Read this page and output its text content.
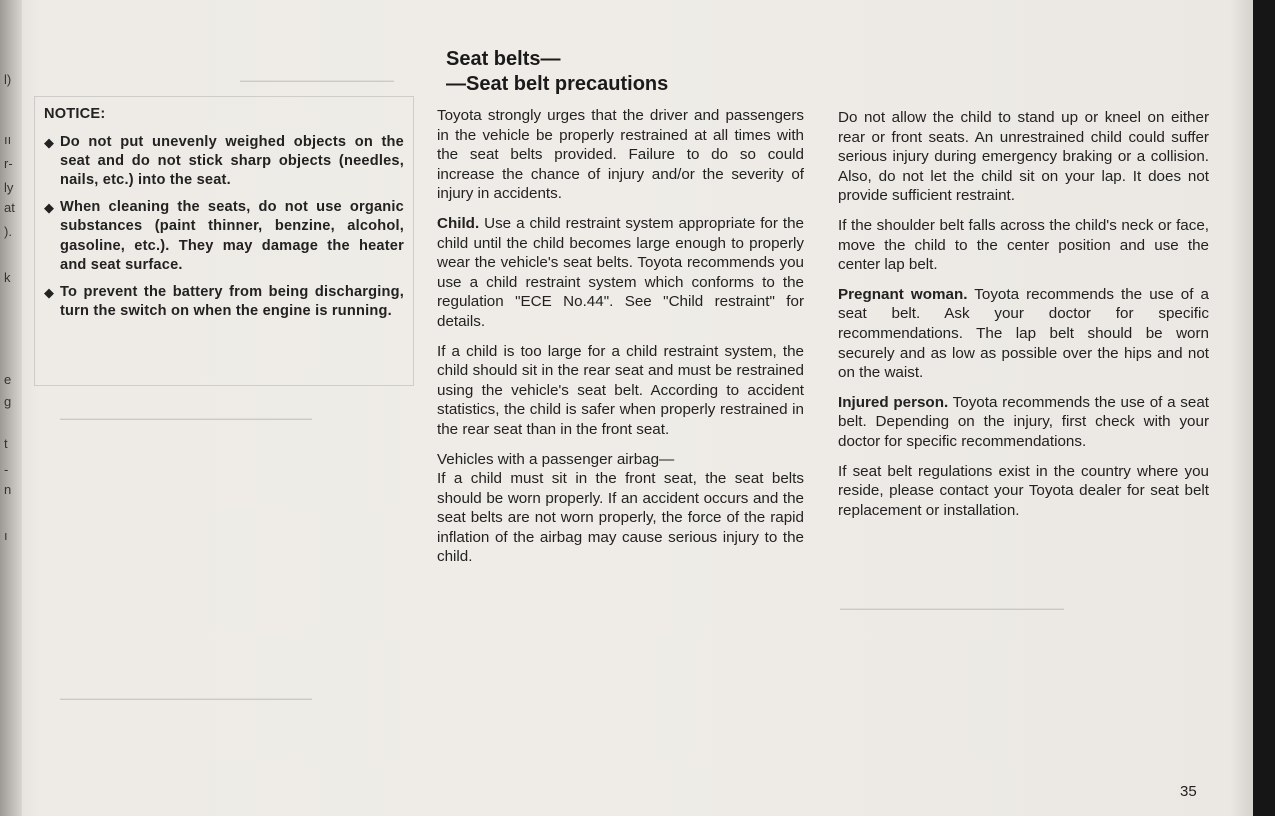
l)
ıı
r-
ly
at
).
k
e
g
t
-
n
ı
———————————
——————————————————
——————————————————
————————————————
NOTICE:
◆ Do not put unevenly weighed objects on the seat and do not stick sharp objects (needles, nails, etc.) into the seat.
◆ When cleaning the seats, do not use organic substances (paint thinner, benzine, alcohol, gasoline, etc.). They may damage the heater and seat surface.
◆ To prevent the battery from being discharging, turn the switch on when the engine is running.
Seat belts—
—Seat belt precautions

Toyota strongly urges that the driver and passengers in the vehicle be properly restrained at all times with the seat belts provided. Failure to do so could increase the chance of injury and/or the severity of injury in accidents.

Child. Use a child restraint system appropriate for the child until the child becomes large enough to properly wear the vehicle's seat belts. Toyota recommends you use a child restraint system which conforms to the regulation "ECE No.44". See "Child restraint" for details.

If a child is too large for a child restraint system, the child should sit in the rear seat and must be restrained using the vehicle's seat belt. According to accident statistics, the child is safer when properly restrained in the rear seat than in the front seat.

Vehicles with a passenger airbag—
If a child must sit in the front seat, the seat belts should be worn properly. If an accident occurs and the seat belts are not worn properly, the force of the rapid inflation of the airbag may cause serious injury to the child.

Do not allow the child to stand up or kneel on either rear or front seats. An unrestrained child could suffer serious injury during emergency braking or a collision. Also, do not let the child sit on your lap. It does not provide sufficient restraint.

If the shoulder belt falls across the child's neck or face, move the child to the center position and use the center lap belt.

Pregnant woman. Toyota recommends the use of a seat belt. Ask your doctor for specific recommendations. The lap belt should be worn securely and as low as possible over the hips and not on the waist.

Injured person. Toyota recommends the use of a seat belt. Depending on the injury, first check with your doctor for specific recommendations.

If seat belt regulations exist in the country where you reside, please contact your Toyota dealer for seat belt replacement or installation.

35
